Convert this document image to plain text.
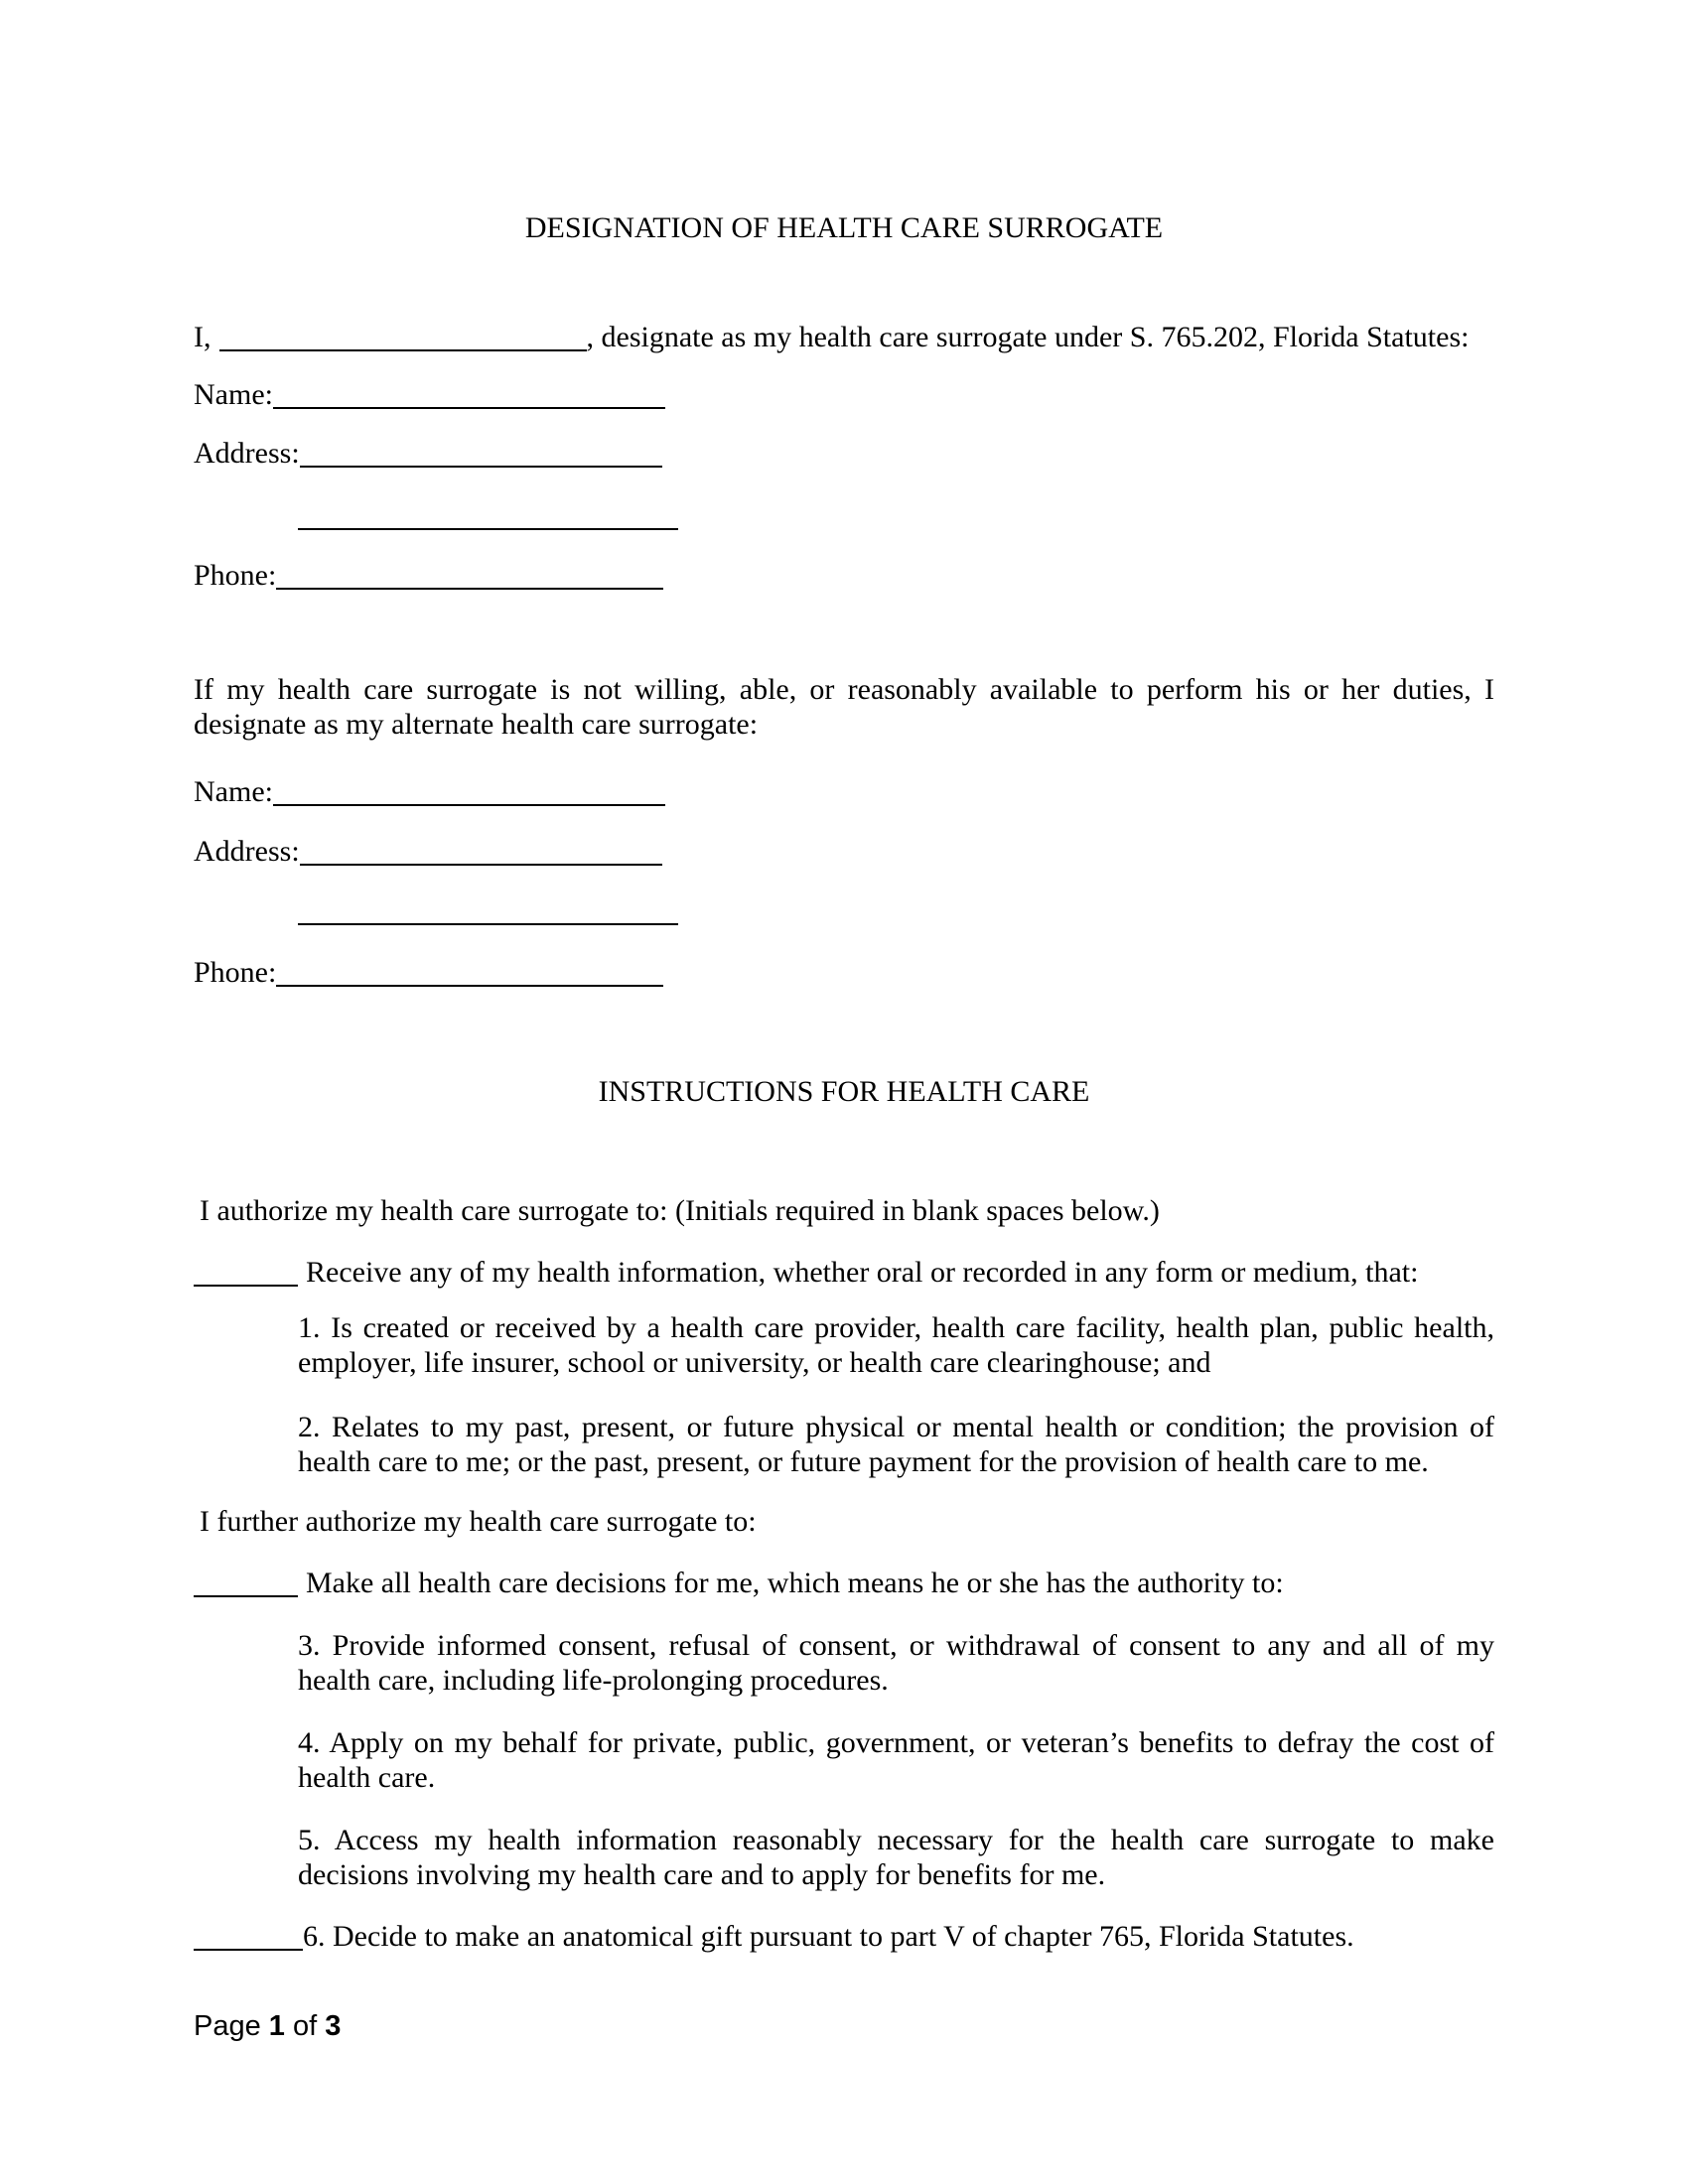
DESIGNATION OF HEALTH CARE SURROGATE
I,	, designate as my health care surrogate under S. 765.202, Florida Statutes:
Name:
Address:
Phone:
If my health care surrogate is not willing, able, or reasonably available to perform his or her duties, I
designate as my alternate health care surrogate:
Name:
Address:
Phone:
INSTRUCTIONS FOR HEALTH CARE
I authorize my health care surrogate to: (Initials required in blank spaces below.)
Receive any of my health information, whether oral or recorded in any form or medium, that:
1. Is created or received by a health care provider, health care facility, health plan, public health,
employer, life insurer, school or university, or health care clearinghouse; and
2. Relates to my past, present, or future physical or mental health or condition; the provision of
health care to me; or the past, present, or future payment for the provision of health care to me.
I further authorize my health care surrogate to:
Make all health care decisions for me, which means he or she has the authority to:
3. Provide informed consent, refusal of consent, or withdrawal of consent to any and all of my
health care, including life-prolonging procedures.
4. Apply on my behalf for private, public, government, or veteran’s benefits to defray the cost of
health care.
5. Access my health information reasonably necessary for the health care surrogate to make
decisions involving my health care and to apply for benefits for me.
6. Decide to make an anatomical gift pursuant to part V of chapter 765, Florida Statutes.
Page 1 of 3
